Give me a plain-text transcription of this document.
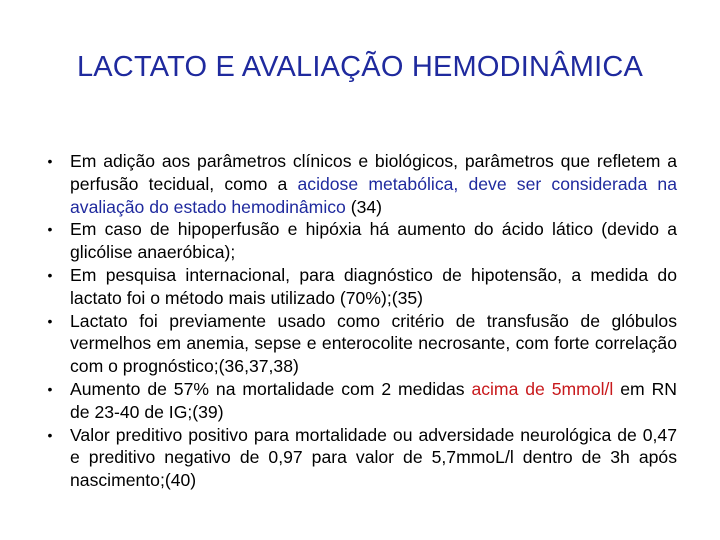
LACTATO E AVALIAÇÃO HEMODINÂMICA
• Em adição aos parâmetros clínicos e biológicos, parâmetros que refletem a perfusão tecidual, como a acidose metabólica, deve ser considerada na avaliação do estado hemodinâmico (34)
• Em caso de hipoperfusão e hipóxia há aumento do ácido lático (devido a glicólise anaeróbica);
• Em pesquisa internacional, para diagnóstico de hipotensão, a medida do lactato foi o método mais utilizado (70%);(35)
• Lactato foi previamente usado como critério de transfusão de glóbulos vermelhos em anemia, sepse e enterocolite necrosante, com forte correlação com o prognóstico;(36,37,38)
• Aumento de 57% na mortalidade com 2 medidas acima de 5mmol/l em RN de 23-40 de IG;(39)
• Valor preditivo positivo para mortalidade ou adversidade neurológica de 0,47 e preditivo negativo de 0,97 para valor de 5,7mmoL/l dentro de 3h após nascimento;(40)
